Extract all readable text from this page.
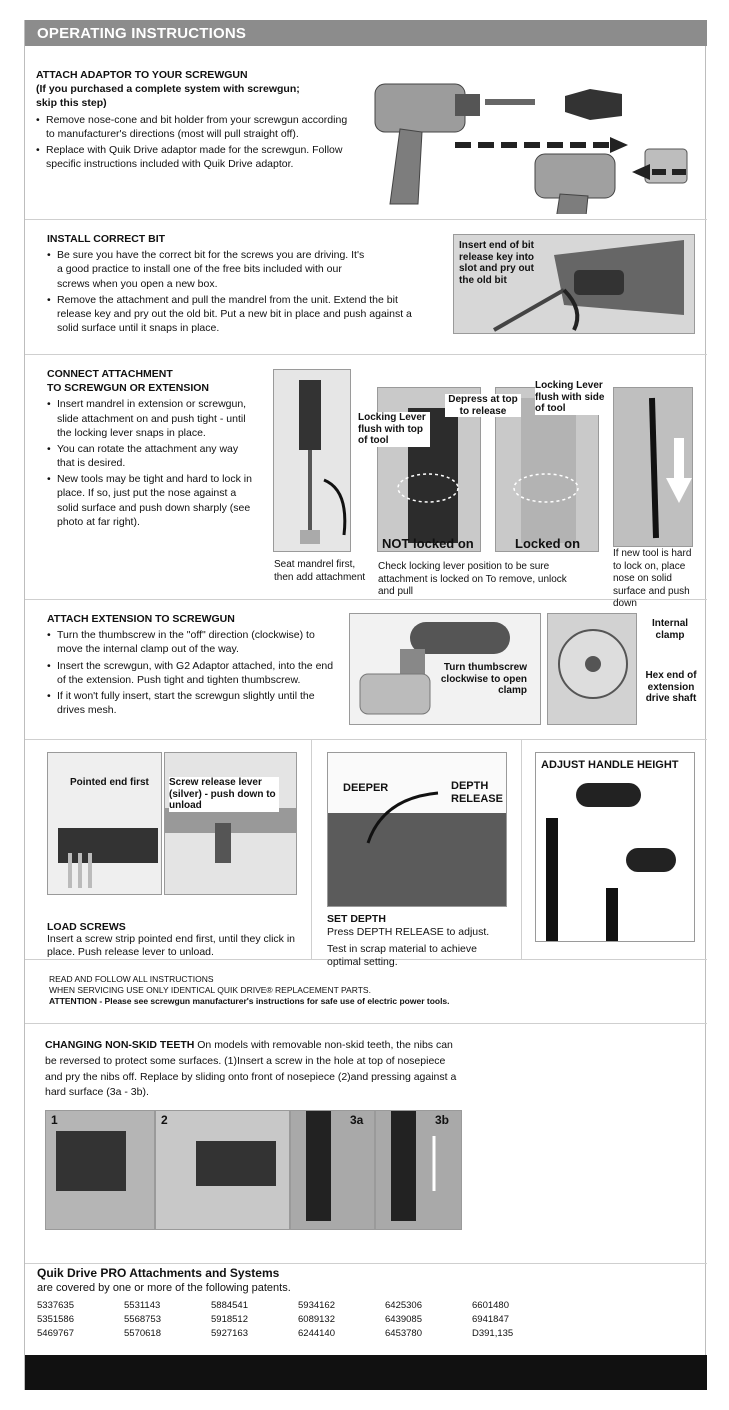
OPERATING INSTRUCTIONS
ATTACH ADAPTOR TO YOUR SCREWGUN
(If you purchased a complete system with screwgun;
skip this step)
• Remove nose-cone and bit holder from your screwgun according to manufacturer's directions (most will pull straight off).
• Replace with Quik Drive adaptor made for the screwgun. Follow specific instructions included with Quik Drive adaptor.
INSTALL CORRECT BIT
• Be sure you have the correct bit for the screws you are driving. It's a good practice to install one of the free bits included with our screws when you open a new box.
• Remove the attachment and pull the mandrel from the unit. Extend the bit release key and pry out the old bit. Put a new bit in place and push against a solid surface until it snaps in place.
Insert end of bit release key into slot and pry out the old bit
CONNECT ATTACHMENT
TO SCREWGUN OR EXTENSION
• Insert mandrel in extension or screwgun, slide attachment on and push tight - until the locking lever snaps in place.
• You can rotate the attachment any way that is desired.
• New tools may be tight and hard to lock in place. If so, just put the nose against a solid surface and push down sharply (see photo at far right).
Seat mandrel first, then add attachment
Locking Lever flush with top of tool
NOT locked on
Depress at top to release
Locking Lever flush with side of tool
Locked on
Check locking lever position to be sure attachment is locked on To remove, unlock and pull
If new tool is hard to lock on, place nose on solid surface and push down
ATTACH EXTENSION TO SCREWGUN
• Turn the thumbscrew in the "off" direction (clockwise) to move the internal clamp out of the way.
• Insert the screwgun, with G2 Adaptor attached, into the end of the extension. Push tight and tighten thumbscrew.
• If it won't fully insert, start the screwgun slightly until the drives mesh.
Turn thumbscrew clockwise to open clamp
Internal clamp
Hex end of extension drive shaft
Pointed end first Screw release lever (silver) - push down to unload
LOAD SCREWS
Insert a screw strip pointed end first, until they click in place. Push release lever to unload.
DEEPER	DEPTH RELEASE
SET DEPTH
Press DEPTH RELEASE to adjust.
Test in scrap material to achieve optimal setting.
ADJUST HANDLE HEIGHT
READ AND FOLLOW ALL INSTRUCTIONS
WHEN SERVICING USE ONLY IDENTICAL QUIK DRIVE® REPLACEMENT PARTS.
ATTENTION - Please see screwgun manufacturer's instructions for safe use of electric power tools.
CHANGING NON-SKID TEETH On models with removable non-skid teeth, the nibs can be reversed to protect some surfaces. (1)Insert a screw in the hole at top of nosepiece and pry the nibs off. Replace by sliding onto front of nosepiece (2)and pressing against a hard surface (3a - 3b).
1	2	3a	3b
Quik Drive PRO Attachments and Systems
are covered by one or more of the following patents.
5337635	5531143	5884541	5934162	6425306	6601480
5351586	5568753	5918512	6089132	6439085	6941847
5469767	5570618	5927163	6244140	6453780	D391,135
